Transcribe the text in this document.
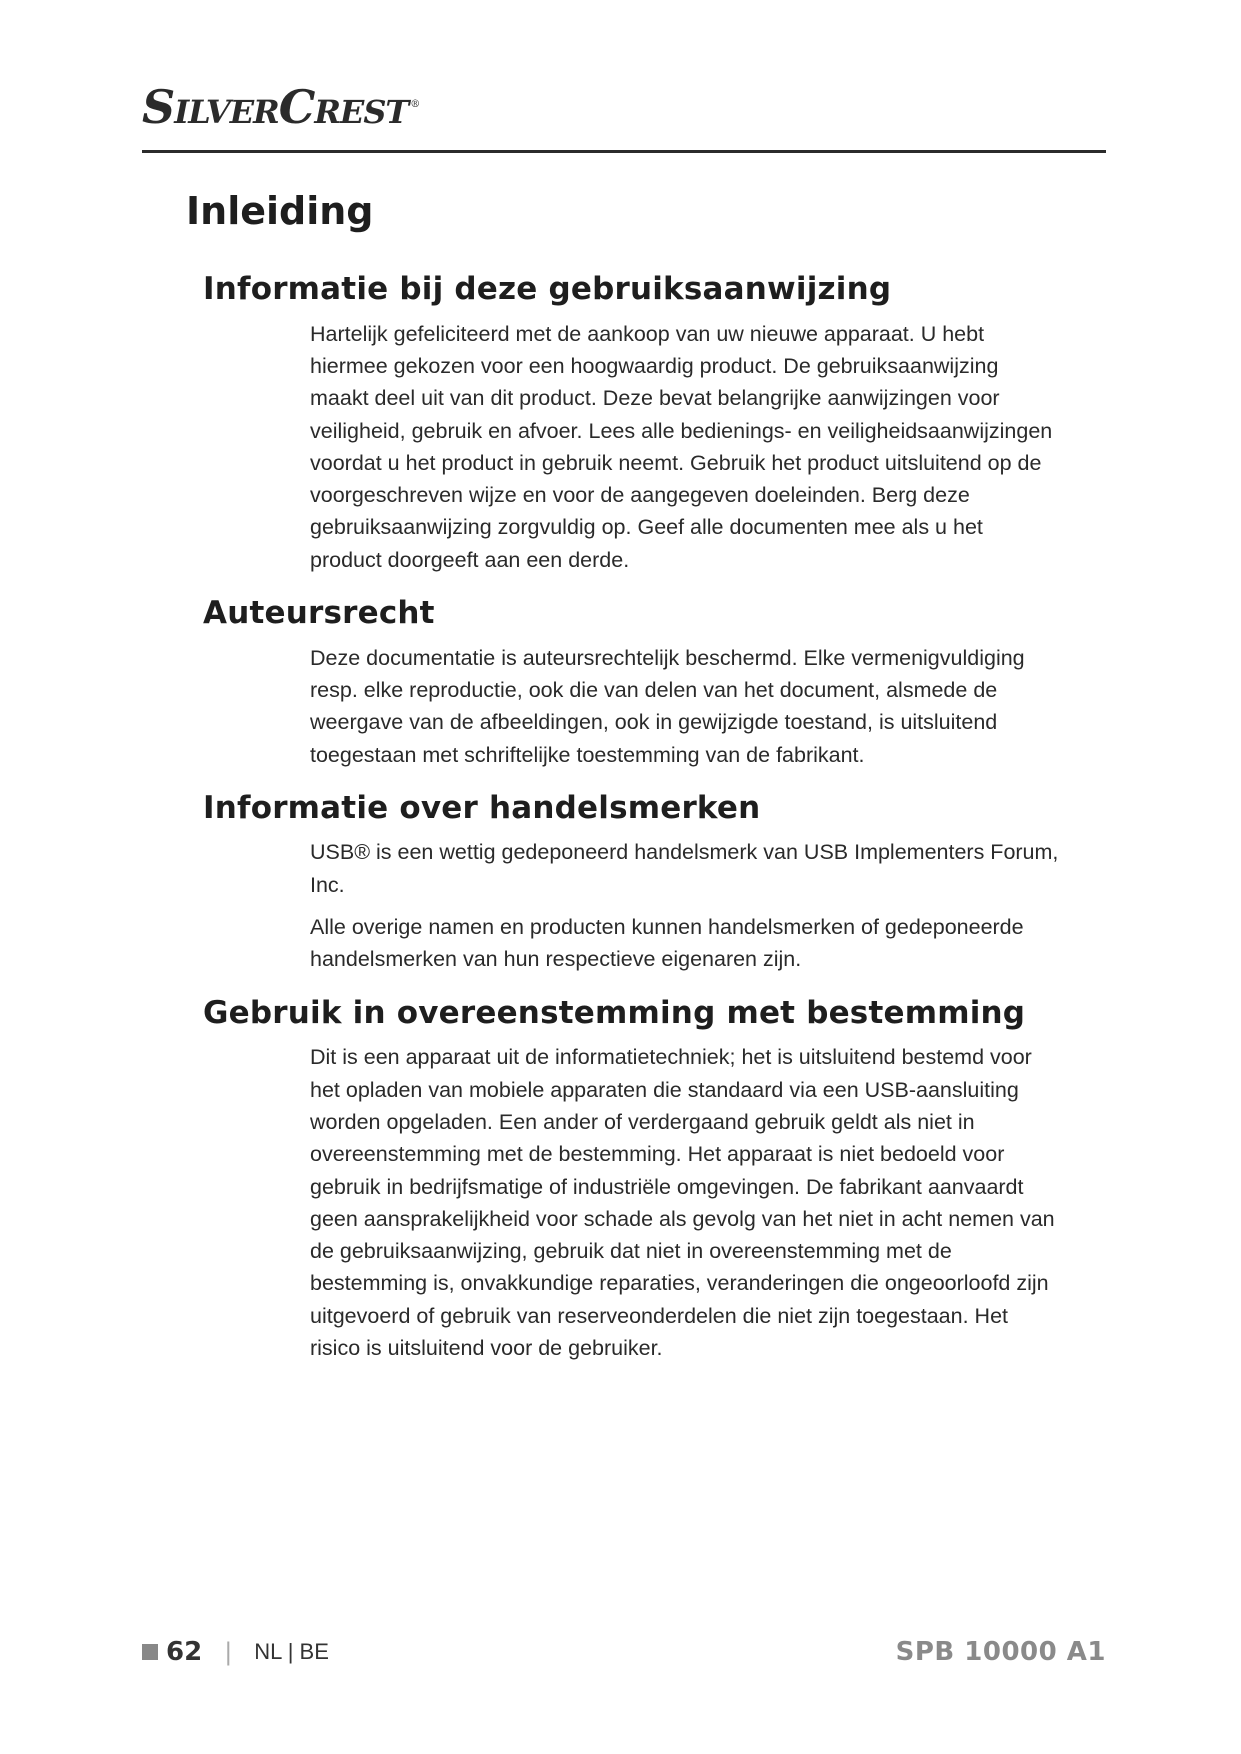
SilverCrest ®
Inleiding
Informatie bij deze gebruiksaanwijzing

Hartelijk gefeliciteerd met de aankoop van uw nieuwe apparaat. U hebt hiermee gekozen voor een hoogwaardig product. De gebruiksaanwijzing maakt deel uit van dit product. Deze bevat belangrijke aanwijzingen voor veiligheid, gebruik en afvoer. Lees alle bedienings- en veiligheidsaanwijzingen voordat u het product in gebruik neemt. Gebruik het product uitsluitend op de voorgeschreven wijze en voor de aangegeven doeleinden. Berg deze gebruiksaanwijzing zorgvuldig op. Geef alle documenten mee als u het product doorgeeft aan een derde.

Auteursrecht

Deze documentatie is auteursrechtelijk beschermd. Elke vermenigvuldiging resp. elke reproductie, ook die van delen van het document, alsmede de weergave van de afbeeldingen, ook in gewijzigde toestand, is uitsluitend toegestaan met schriftelijke toestemming van de fabrikant.

Informatie over handelsmerken

USB® is een wettig gedeponeerd handelsmerk van USB Implementers Forum, Inc.

Alle overige namen en producten kunnen handelsmerken of gedeponeerde handelsmerken van hun respectieve eigenaren zijn.

Gebruik in overeenstemming met bestemming

Dit is een apparaat uit de informatietechniek; het is uitsluitend bestemd voor het opladen van mobiele apparaten die standaard via een USB-aansluiting worden opgeladen. Een ander of verdergaand gebruik geldt als niet in overeenstemming met de bestemming. Het apparaat is niet bedoeld voor gebruik in bedrijfsmatige of industriële omgevingen. De fabrikant aanvaardt geen aansprakelijkheid voor schade als gevolg van het niet in acht nemen van de gebruiksaanwijzing, gebruik dat niet in overeenstemming met de bestemming is, onvakkundige reparaties, veranderingen die ongeoorloofd zijn uitgevoerd of gebruik van reserveonderdelen die niet zijn toegestaan. Het risico is uitsluitend voor de gebruiker.

62 | NL | BE	SPB 10000 A1
